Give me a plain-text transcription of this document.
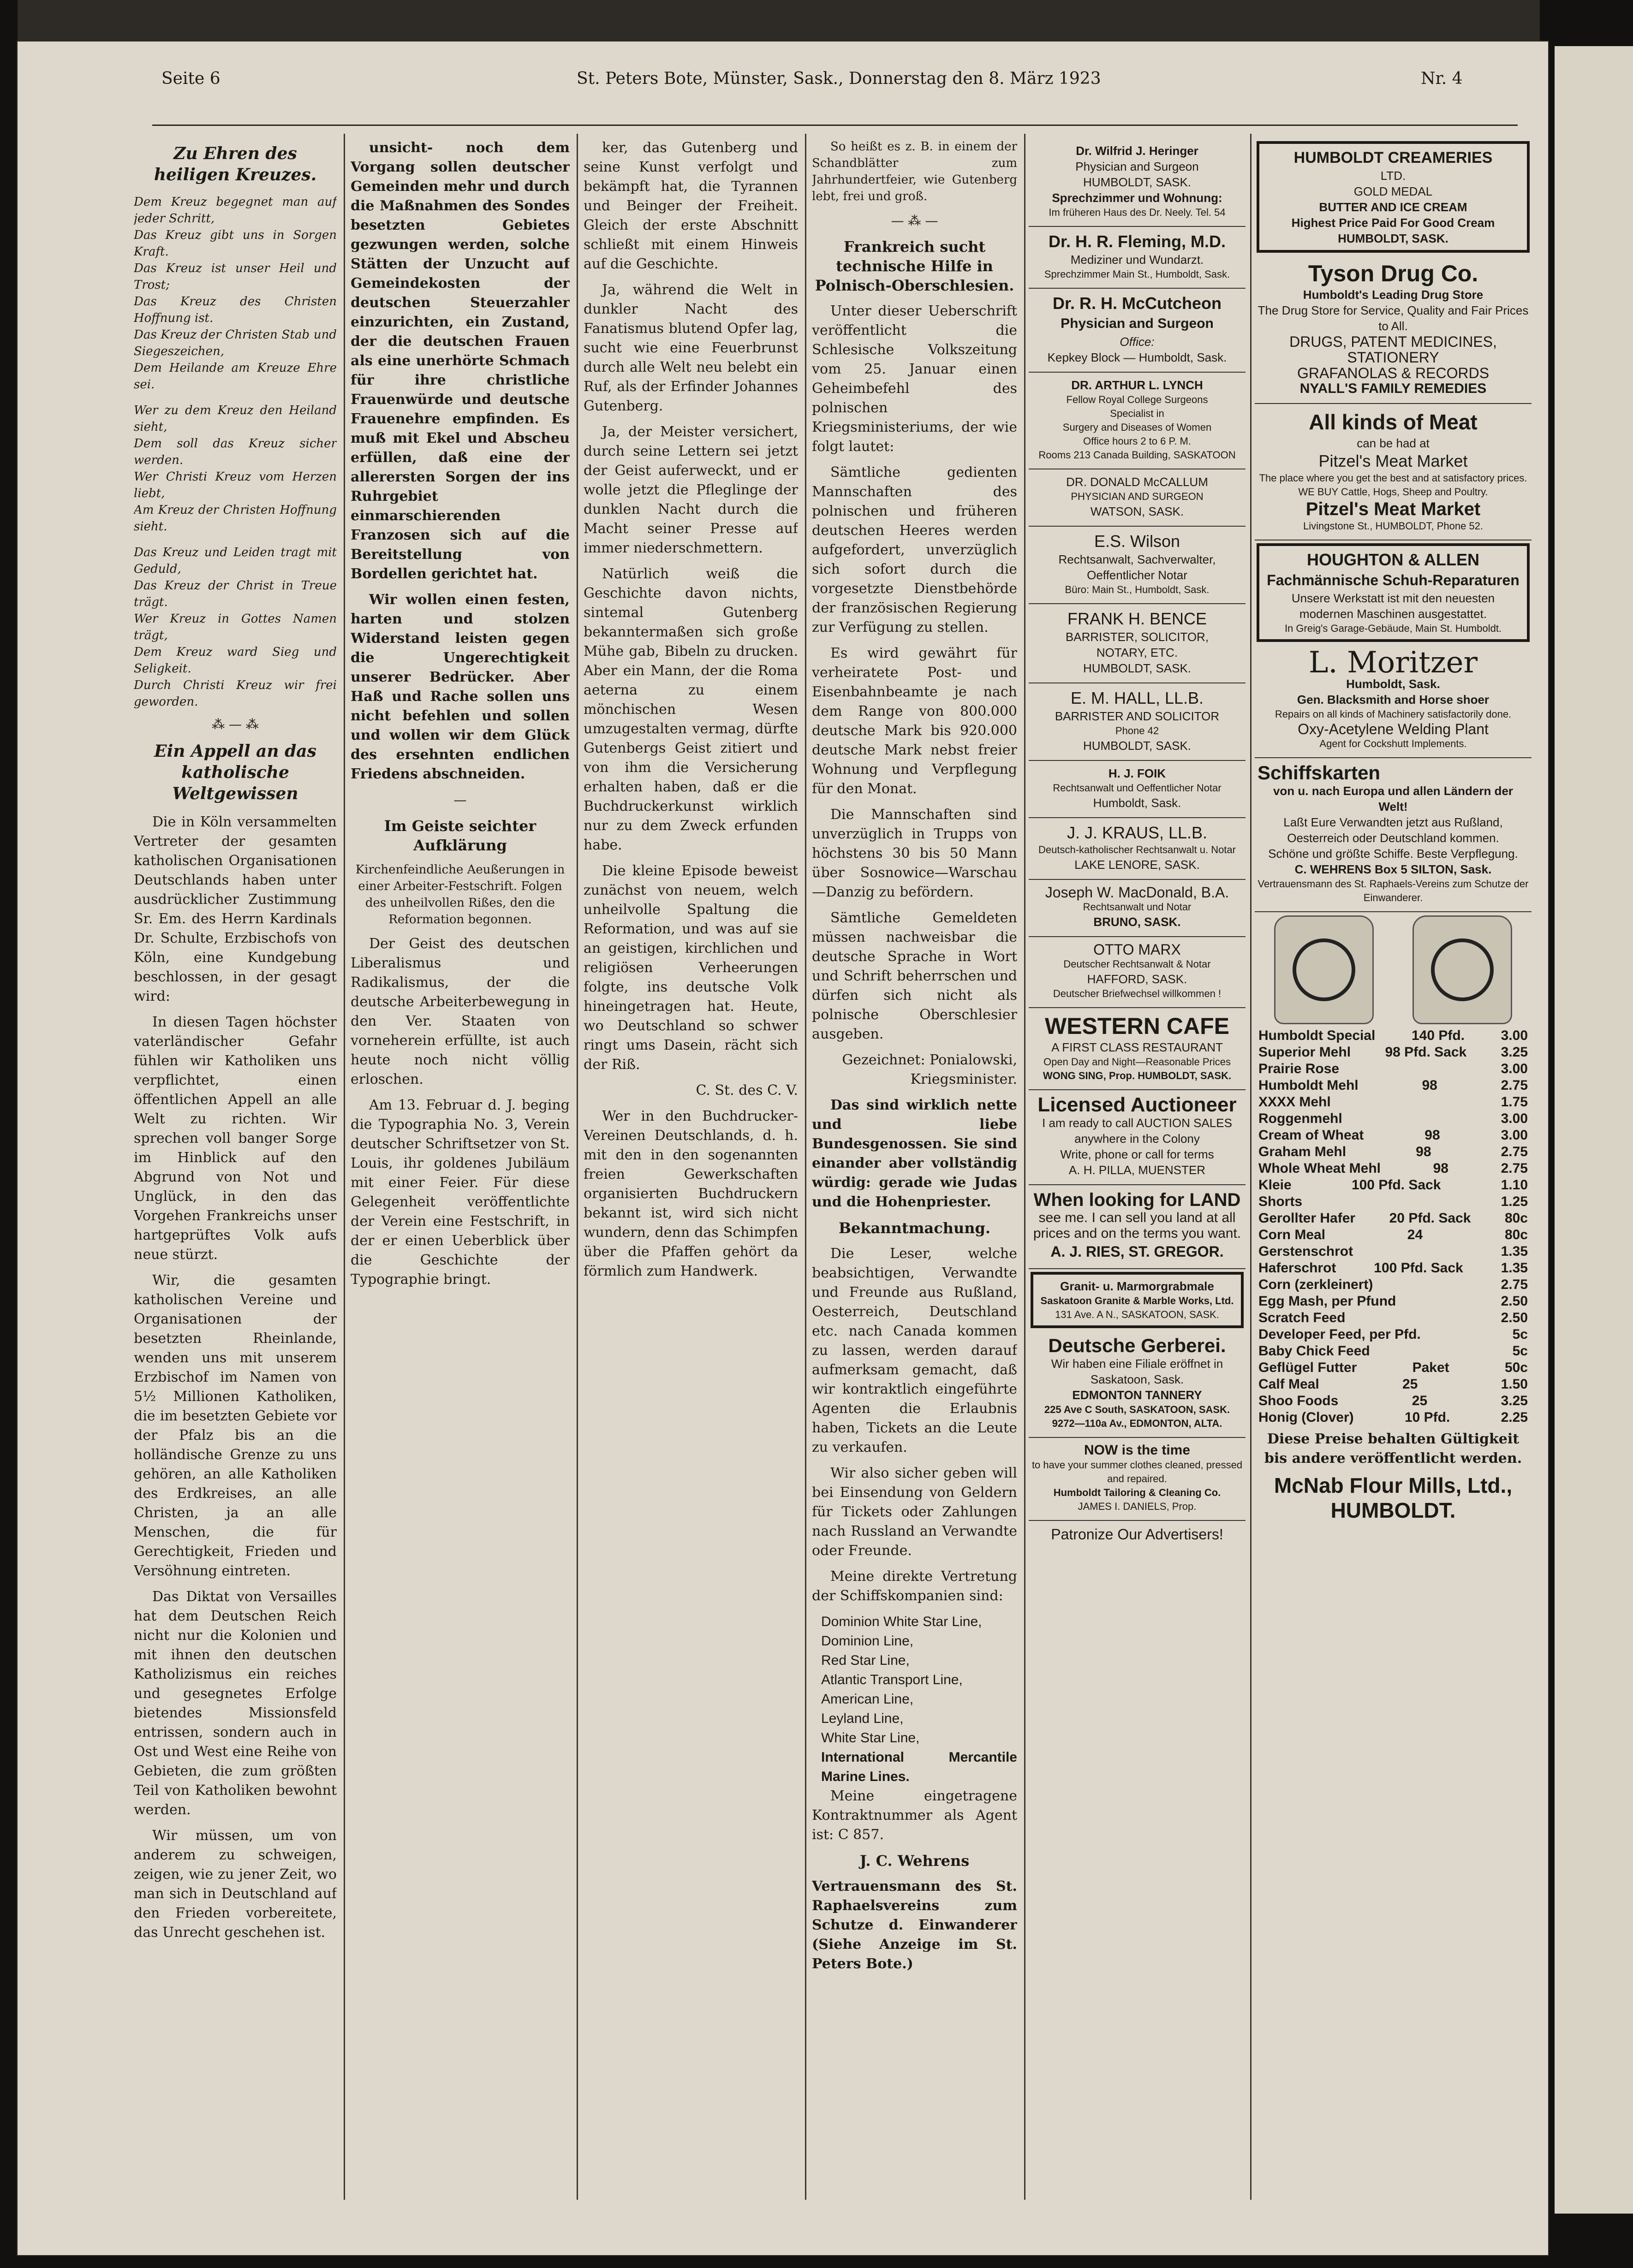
Seite 6	St. Peters Bote, Münster, Sask., Donnerstag den 8. März 1923	Nr. 4
Zu Ehren des heiligen Kreuzes.
Dem Kreuz begegnet man auf jeder Schritt,
Das Kreuz gibt uns in Sorgen Kraft.
Das Kreuz ist unser Heil und Trost;
Das Kreuz des Christen Hoffnung ist.
Das Kreuz der Christen Stab und Siegeszeichen,
Dem Heilande am Kreuze Ehre sei.
Wer zu dem Kreuz den Heiland sieht,
Dem soll das Kreuz sicher werden.
Wer Christi Kreuz vom Herzen liebt,
Am Kreuz der Christen Hoffnung sieht.
Das Kreuz und Leiden tragt mit Geduld,
Das Kreuz der Christ in Treue trägt.
Wer Kreuz in Gottes Namen trägt,
Dem Kreuz ward Sieg und Seligkeit.
Durch Christi Kreuz wir frei geworden.
⁂ — ⁂
Ein Appell an das katholische Weltgewissen

Die in Köln versammelten Vertreter der gesamten katholischen Organisationen Deutschlands haben unter ausdrücklicher Zustimmung Sr. Em. des Herrn Kardinals Dr. Schulte, Erzbischofs von Köln, eine Kundgebung beschlossen, in der gesagt wird:

In diesen Tagen höchster vaterländischer Gefahr fühlen wir Katholiken uns verpflichtet, einen öffentlichen Appell an alle Welt zu richten. Wir sprechen voll banger Sorge im Hinblick auf den Abgrund von Not und Unglück, in den das Vorgehen Frankreichs unser hartgeprüftes Volk aufs neue stürzt.

Wir, die gesamten katholischen Vereine und Organisationen der besetzten Rheinlande, wenden uns mit unserem Erzbischof im Namen von 5½ Millionen Katholiken, die im besetzten Gebiete vor der Pfalz bis an die holländische Grenze zu uns gehören, an alle Katholiken des Erdkreises, an alle Christen, ja an alle Menschen, die für Gerechtigkeit, Frieden und Versöhnung eintreten.

Das Diktat von Versailles hat dem Deutschen Reich nicht nur die Kolonien und mit ihnen den deutschen Katholizismus ein reiches und gesegnetes Erfolge bietendes Missionsfeld entrissen, sondern auch in Ost und West eine Reihe von Gebieten, die zum größten Teil von Katholiken bewohnt werden.

Wir müssen, um von anderem zu schweigen, zeigen, wie zu jener Zeit, wo man sich in Deutschland auf den Frieden vorbereitete, das Unrecht geschehen ist.

unsicht- noch dem Vorgang sollen deutscher Gemeinden mehr und durch die Maßnahmen des Sondes besetzten Gebietes gezwungen werden, solche Stätten der Unzucht auf Gemeindekosten der deutschen Steuerzahler einzurichten, ein Zustand, der die deutschen Frauen als eine unerhörte Schmach für ihre christliche Frauenwürde und deutsche Frauenehre empfinden. Es muß mit Ekel und Abscheu erfüllen, daß eine der allerersten Sorgen der ins Ruhrgebiet einmarschierenden Franzosen sich auf die Bereitstellung von Bordellen gerichtet hat.

Wir wollen einen festen, harten und stolzen Widerstand leisten gegen die Ungerechtigkeit unserer Bedrücker. Aber Haß und Rache sollen uns nicht befehlen und sollen und wollen wir dem Glück des ersehnten endlichen Friedens abschneiden.

—
Im Geiste seichter Aufklärung

Kirchenfeindliche Aeußerungen in einer Arbeiter-Festschrift. Folgen des unheilvollen Rißes, den die Reformation begonnen.

Der Geist des deutschen Liberalismus und Radikalismus, der die deutsche Arbeiterbewegung in den Ver. Staaten von vorneherein erfüllte, ist auch heute noch nicht völlig erloschen.

Am 13. Februar d. J. beging die Typographia No. 3, Verein deutscher Schriftsetzer von St. Louis, ihr goldenes Jubiläum mit einer Feier. Für diese Gelegenheit veröffentlichte der Verein eine Festschrift, in der er einen Ueberblick über die Geschichte der Typographie bringt.

ker, das Gutenberg und seine Kunst verfolgt und bekämpft hat, die Tyrannen und Beinger der Freiheit. Gleich der erste Abschnitt schließt mit einem Hinweis auf die Geschichte.

Ja, während die Welt in dunkler Nacht des Fanatismus blutend Opfer lag, sucht wie eine Feuerbrunst durch alle Welt neu belebt ein Ruf, als der Erfinder Johannes Gutenberg.

Ja, der Meister versichert, durch seine Lettern sei jetzt der Geist auferweckt, und er wolle jetzt die Pfleglinge der dunklen Nacht durch die Macht seiner Presse auf immer niederschmettern.

Natürlich weiß die Geschichte davon nichts, sintemal Gutenberg bekanntermaßen sich große Mühe gab, Bibeln zu drucken. Aber ein Mann, der die Roma aeterna zu einem mönchischen Wesen umzugestalten vermag, dürfte Gutenbergs Geist zitiert und von ihm die Versicherung erhalten haben, daß er die Buchdruckerkunst wirklich nur zu dem Zweck erfunden habe.

Die kleine Episode beweist zunächst von neuem, welch unheilvolle Spaltung die Reformation, und was auf sie an geistigen, kirchlichen und religiösen Verheerungen folgte, ins deutsche Volk hineingetragen hat. Heute, wo Deutschland so schwer ringt ums Dasein, rächt sich der Riß.

C. St. des C. V.

Wer in den Buchdrucker-Vereinen Deutschlands, d. h. mit den in den sogenannten freien Gewerkschaften organisierten Buchdruckern bekannt ist, wird sich nicht wundern, denn das Schimpfen über die Pfaffen gehört da förmlich zum Handwerk.

So heißt es z. B. in einem der Schandblätter zum Jahrhundertfeier, wie Gutenberg lebt, frei und groß.

— ⁂ —
Frankreich sucht technische Hilfe in Polnisch-Oberschlesien.

Unter dieser Ueberschrift veröffentlicht die Schlesische Volkszeitung vom 25. Januar einen Geheimbefehl des polnischen Kriegsministeriums, der wie folgt lautet:

Sämtliche gedienten Mannschaften des polnischen und früheren deutschen Heeres werden aufgefordert, unverzüglich sich sofort durch die vorgesetzte Dienstbehörde der französischen Regierung zur Verfügung zu stellen.

Es wird gewährt für verheiratete Post- und Eisenbahnbeamte je nach dem Range von 800.000 deutsche Mark bis 920.000 deutsche Mark nebst freier Wohnung und Verpflegung für den Monat.

Die Mannschaften sind unverzüglich in Trupps von höchstens 30 bis 50 Mann über Sosnowice—Warschau—Danzig zu befördern.

Sämtliche Gemeldeten müssen nachweisbar die deutsche Sprache in Wort und Schrift beherrschen und dürfen sich nicht als polnische Oberschlesier ausgeben.

Gezeichnet: Ponialowski, Kriegsminister.

Das sind wirklich nette und liebe Bundesgenossen. Sie sind einander aber vollständig würdig: gerade wie Judas und die Hohenpriester.

Bekanntmachung.

Die Leser, welche beabsichtigen, Verwandte und Freunde aus Rußland, Oesterreich, Deutschland etc. nach Canada kommen zu lassen, werden darauf aufmerksam gemacht, daß wir kontraktlich eingeführte Agenten die Erlaubnis haben, Tickets an die Leute zu verkaufen.

Wir also sicher geben will bei Einsendung von Geldern für Tickets oder Zahlungen nach Russland an Verwandte oder Freunde.

Meine direkte Vertretung der Schiffskompanien sind:

Dominion White Star Line,
Dominion Line,
Red Star Line,
Atlantic Transport Line,
American Line,
Leyland Line,
White Star Line,
International Mercantile Marine Lines.

Meine eingetragene Kontraktnummer als Agent ist: C 857.

J. C. Wehrens

Vertrauensmann des St. Raphaelsvereins zum Schutze d. Einwanderer (Siehe Anzeige im St. Peters Bote.)

Dr. Wilfrid J. Heringer
Physician and Surgeon
HUMBOLDT, SASK.
Sprechzimmer und Wohnung:
Im früheren Haus des Dr. Neely. Tel. 54
Dr. H. R. Fleming, M.D.
Mediziner und Wundarzt.
Sprechzimmer Main St., Humboldt, Sask.
Dr. R. H. McCutcheon
Physician and Surgeon
Office:
Kepkey Block — Humboldt, Sask.
DR. ARTHUR L. LYNCH
Fellow Royal College Surgeons
Specialist in
Surgery and Diseases of Women
Office hours 2 to 6 P. M.
Rooms 213 Canada Building, SASKATOON
DR. DONALD McCALLUM
PHYSICIAN AND SURGEON
WATSON, SASK.
E.S. Wilson
Rechtsanwalt, Sachverwalter,
Oeffentlicher Notar
Büro: Main St., Humboldt, Sask.
FRANK H. BENCE
BARRISTER, SOLICITOR,
NOTARY, ETC.
HUMBOLDT, SASK.
E. M. HALL, LL.B.
BARRISTER AND SOLICITOR
Phone 42
HUMBOLDT, SASK.
H. J. FOIK
Rechtsanwalt und Oeffentlicher Notar
Humboldt, Sask.
J. J. KRAUS, LL.B.
Deutsch-katholischer Rechtsanwalt u. Notar
LAKE LENORE, SASK.
Joseph W. MacDonald, B.A.
Rechtsanwalt und Notar
BRUNO, SASK.
OTTO MARX
Deutscher Rechtsanwalt & Notar
HAFFORD, SASK.
Deutscher Briefwechsel willkommen !
WESTERN CAFE
A FIRST CLASS RESTAURANT
Open Day and Night—Reasonable Prices
WONG SING, Prop. HUMBOLDT, SASK.
Licensed Auctioneer
I am ready to call AUCTION SALES anywhere in the Colony
Write, phone or call for terms
A. H. PILLA, MUENSTER
When looking for LAND
see me. I can sell you land at all prices and on the terms you want.
A. J. RIES, ST. GREGOR.
Granit- u. Marmorgrabmale
Saskatoon Granite & Marble Works, Ltd.
131 Ave. A N., SASKATOON, SASK.
Deutsche Gerberei.
Wir haben eine Filiale eröffnet in Saskatoon, Sask.
EDMONTON TANNERY
225 Ave C South, SASKATOON, SASK.
9272—110a Av., EDMONTON, ALTA.
NOW is the time
to have your summer clothes cleaned, pressed and repaired.
Humboldt Tailoring & Cleaning Co.
JAMES I. DANIELS, Prop.
Patronize Our Advertisers!
HUMBOLDT CREAMERIES
LTD.
GOLD MEDAL
BUTTER AND ICE CREAM
Highest Price Paid For Good Cream
HUMBOLDT, SASK.
Tyson Drug Co.
Humboldt's Leading Drug Store
The Drug Store for Service, Quality and Fair Prices to All.
DRUGS, PATENT MEDICINES, STATIONERY
GRAFANOLAS & RECORDS
NYALL'S FAMILY REMEDIES
All kinds of Meat
can be had at
Pitzel's Meat Market
The place where you get the best and at satisfactory prices.
WE BUY Cattle, Hogs, Sheep and Poultry.
Pitzel's Meat Market
Livingstone St., HUMBOLDT, Phone 52.
HOUGHTON & ALLEN
Fachmännische Schuh-Reparaturen
Unsere Werkstatt ist mit den neuesten modernen Maschinen ausgestattet.
In Greig's Garage-Gebäude, Main St. Humboldt.
L. Moritzer
Humboldt, Sask.
Gen. Blacksmith and Horse shoer
Repairs on all kinds of Machinery satisfactorily done.
Oxy-Acetylene Welding Plant
Agent for Cockshutt Implements.
Schiffskarten
von u. nach Europa und allen Ländern der Welt!
Laßt Eure Verwandten jetzt aus Rußland, Oesterreich oder Deutschland kommen.
Schöne und größte Schiffe. Beste Verpflegung.
C. WEHRENS Box 5 SILTON, Sask.
Vertrauensmann des St. Raphaels-Vereins zum Schutze der Einwanderer.
Humboldt Special	140 Pfd.	3.00
Superior Mehl 98 Pfd. Sack 3.25
Prairie Rose	3.00
Humboldt Mehl	98	2.75
XXXX Mehl	1.75
Roggenmehl	3.00
Cream of Wheat	98	3.00
Graham Mehl	98	2.75
Whole Wheat Mehl	98	2.75
Kleie	100 Pfd. Sack	1.10
Shorts	1.25
Gerollter Hafer 20 Pfd. Sack 80c
Corn Meal	24	80c
Gerstenschrot	1.35
Haferschrot	100 Pfd. Sack	1.35
Corn (zerkleinert)	2.75
Egg Mash, per Pfund	2.50
Scratch Feed	2.50
Developer Feed, per Pfd.	5c
Baby Chick Feed	5c
Geflügel Futter	Paket	50c
Calf Meal	25	1.50
Shoo Foods	25	3.25
Honig (Clover)	10 Pfd.	2.25
Diese Preise behalten Gültigkeit bis andere veröffentlicht werden.
McNab Flour Mills, Ltd., HUMBOLDT.
